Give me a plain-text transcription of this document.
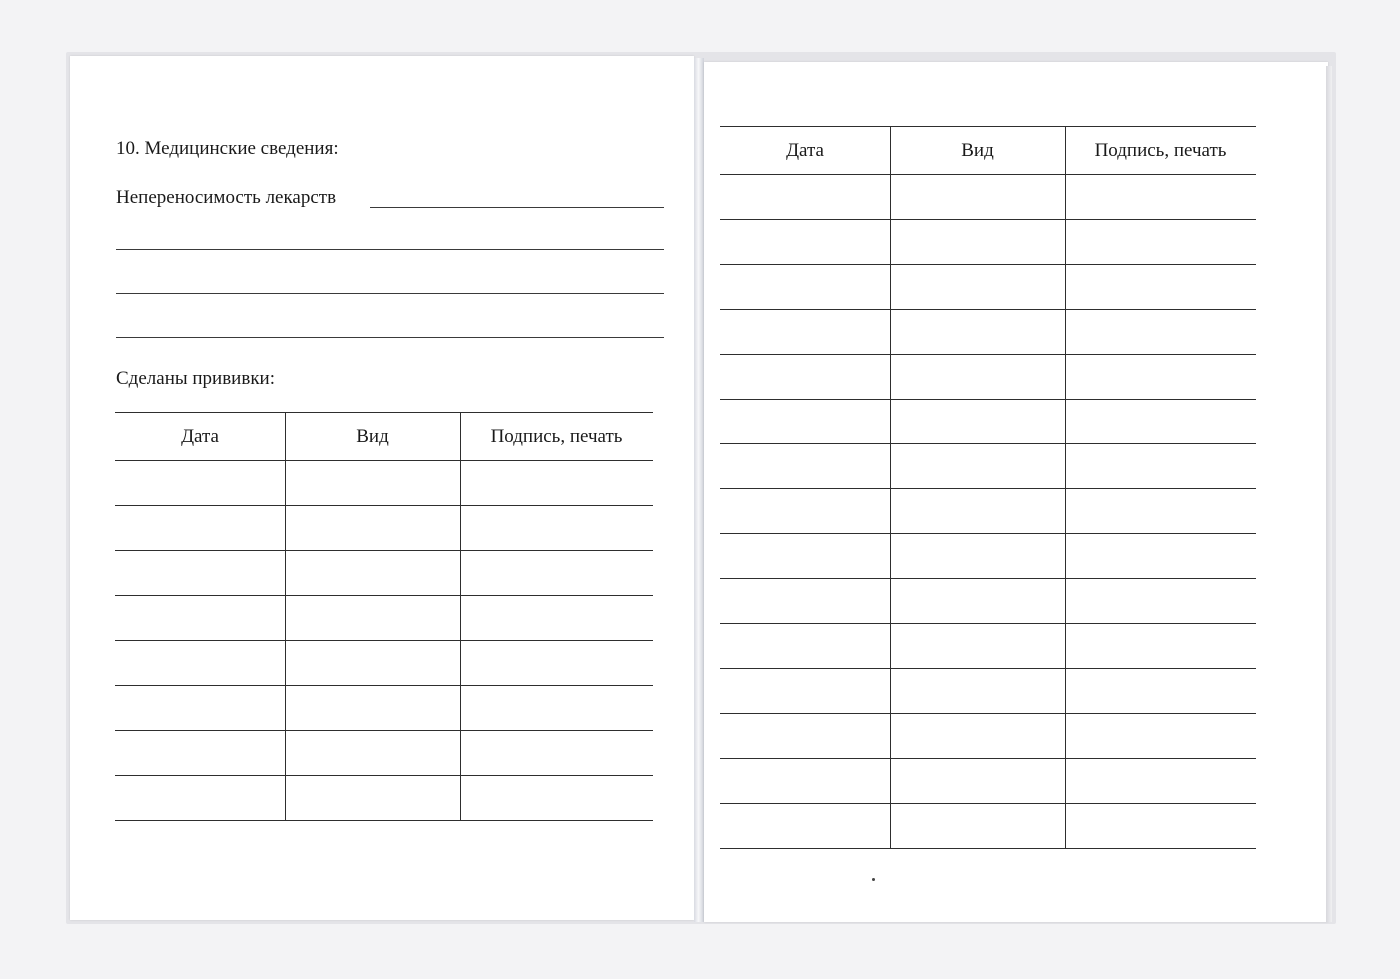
10. Медицинские сведения:
Непереносимость лекарств
Сделаны прививки:
Дата	Вид	Подпись, печать
Дата	Вид	Подпись, печать
